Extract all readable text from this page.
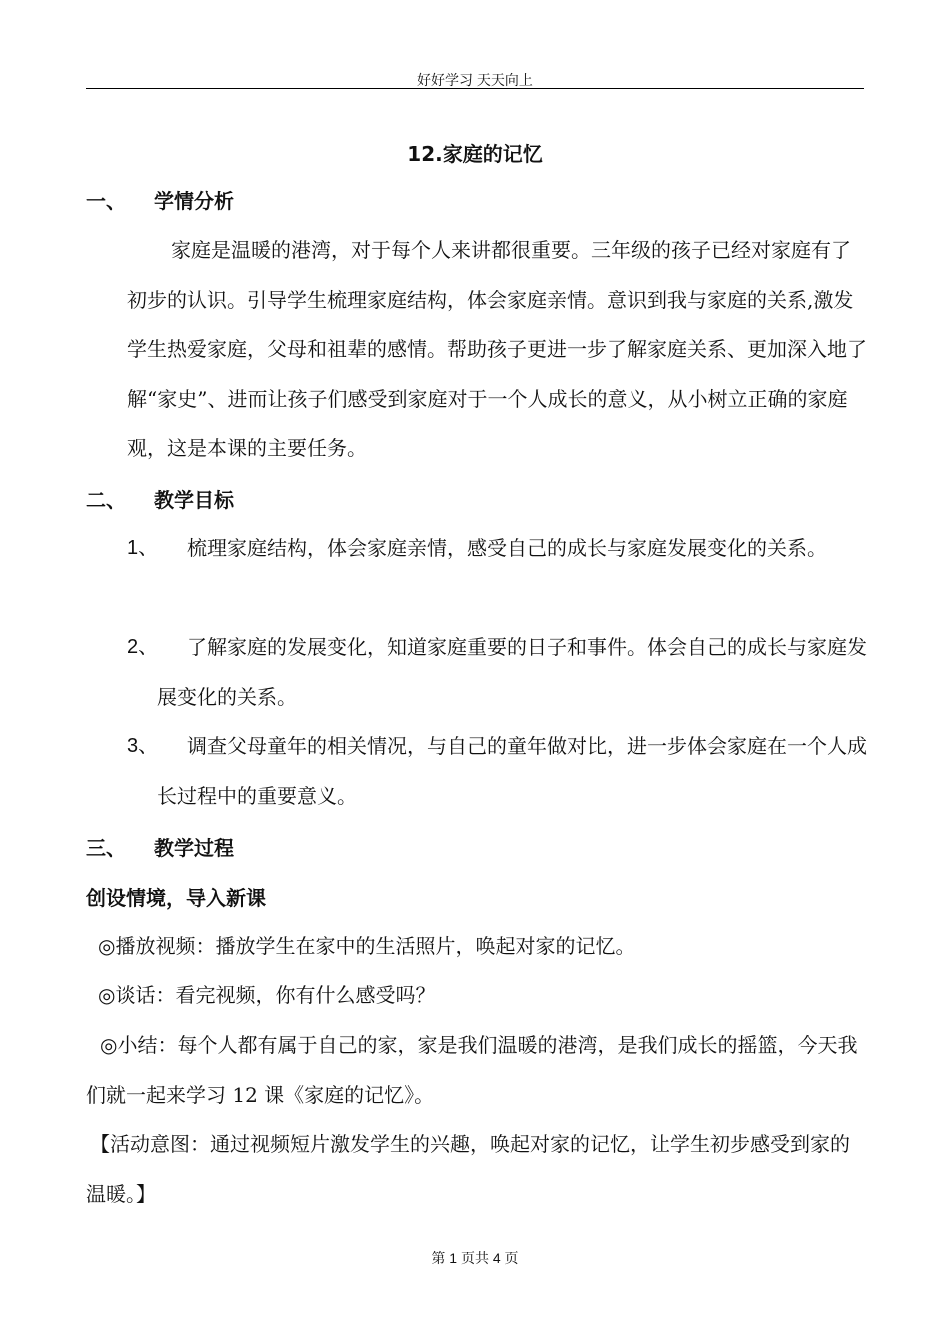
好好学习 天天向上
12.家庭的记忆
一、 学情分析
家庭是温暖的港湾，对于每个人来讲都很重要。三年级的孩子已经对家庭有了初步的认识。引导学生梳理家庭结构，体会家庭亲情。意识到我与家庭的关系,激发学生热爱家庭，父母和祖辈的感情。帮助孩子更进一步了解家庭关系、更加深入地了解“家史”、进而让孩子们感受到家庭对于一个人成长的意义，从小树立正确的家庭观，这是本课的主要任务。
二、 教学目标
1、	梳理家庭结构，体会家庭亲情，感受自己的成长与家庭发展变化的关系。
2、	了解家庭的发展变化，知道家庭重要的日子和事件。体会自己的成长与家庭发展变化的关系。
3、	调查父母童年的相关情况，与自己的童年做对比，进一步体会家庭在一个人成长过程中的重要意义。
三、 教学过程
创设情境，导入新课
◎播放视频：播放学生在家中的生活照片，唤起对家的记忆。
◎谈话：看完视频，你有什么感受吗？
◎小结：每个人都有属于自己的家，家是我们温暖的港湾，是我们成长的摇篮，今天我们就一起来学习 12 课《家庭的记忆》。
【活动意图：通过视频短片激发学生的兴趣，唤起对家的记忆，让学生初步感受到家的温暖。】
第 1 页共 4 页
